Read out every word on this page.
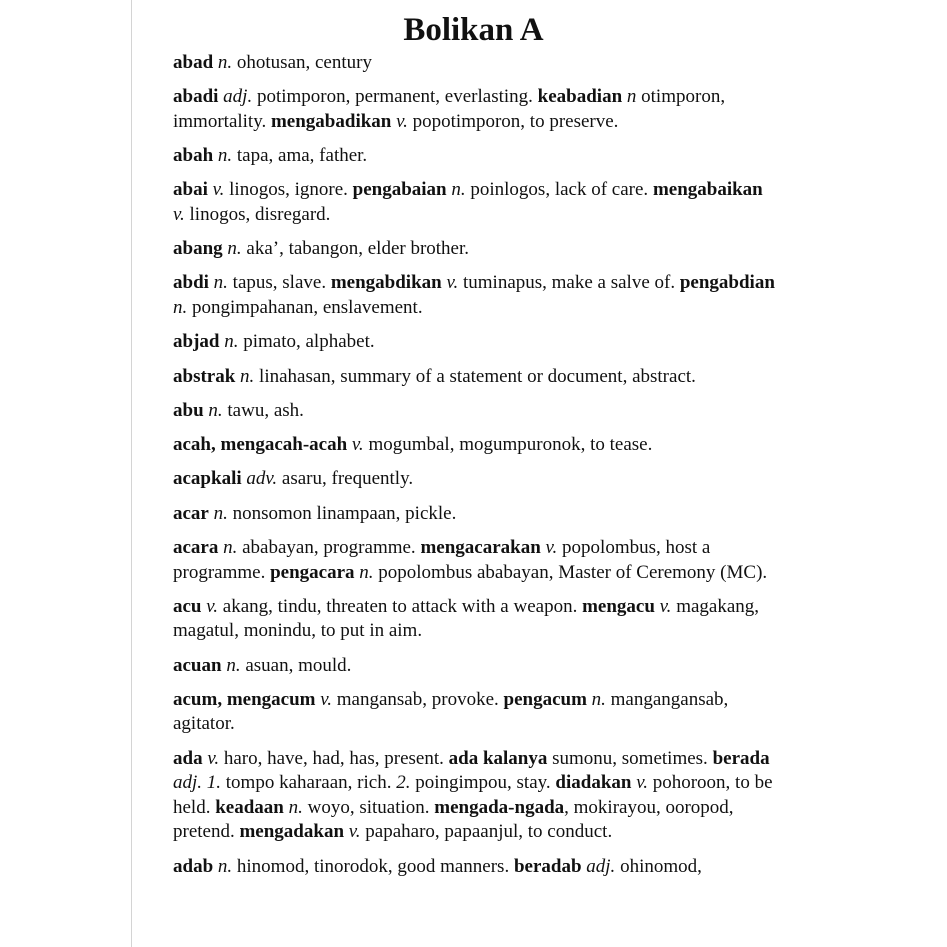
Bolikan A

abad n. ohotusan, century

abadi adj. potimporon, permanent, everlasting. keabadian n otimporon, immortality. mengabadikan v. popotimporon, to preserve.

abah n. tapa, ama, father.

abai v. linogos, ignore. pengabaian n. poinlogos, lack of care. mengabaikan v. linogos, disregard.

abang n. aka’, tabangon, elder brother.

abdi n. tapus, slave. mengabdikan v. tuminapus, make a salve of. pengabdian n. pongimpahanan, enslavement.

abjad n. pimato, alphabet.

abstrak n. linahasan, summary of a statement or document, abstract.

abu n. tawu, ash.

acah, mengacah-acah v. mogumbal, mogumpuronok, to tease.

acapkali adv. asaru, frequently.

acar n. nonsomon linampaan, pickle.

acara n. ababayan, programme. mengacarakan v. popolombus, host a programme. pengacara n. popolombus ababayan, Master of Ceremony (MC).

acu v. akang, tindu, threaten to attack with a weapon. mengacu v. magakang, magatul, monindu, to put in aim.

acuan n. asuan, mould.

acum, mengacum v. mangansab, provoke. pengacum n. mangangansab, agitator.

ada v. haro, have, had, has, present. ada kalanya sumonu, sometimes. berada adj. 1. tompo kaharaan, rich. 2. poingimpou, stay. diadakan v. pohoroon, to be held. keadaan n. woyo, situation. mengada-ngada, mokirayou, ooropod, pretend. mengadakan v. papaharo, papaanjul, to conduct.

adab n. hinomod, tinorodok, good manners. beradab adj. ohinomod,
